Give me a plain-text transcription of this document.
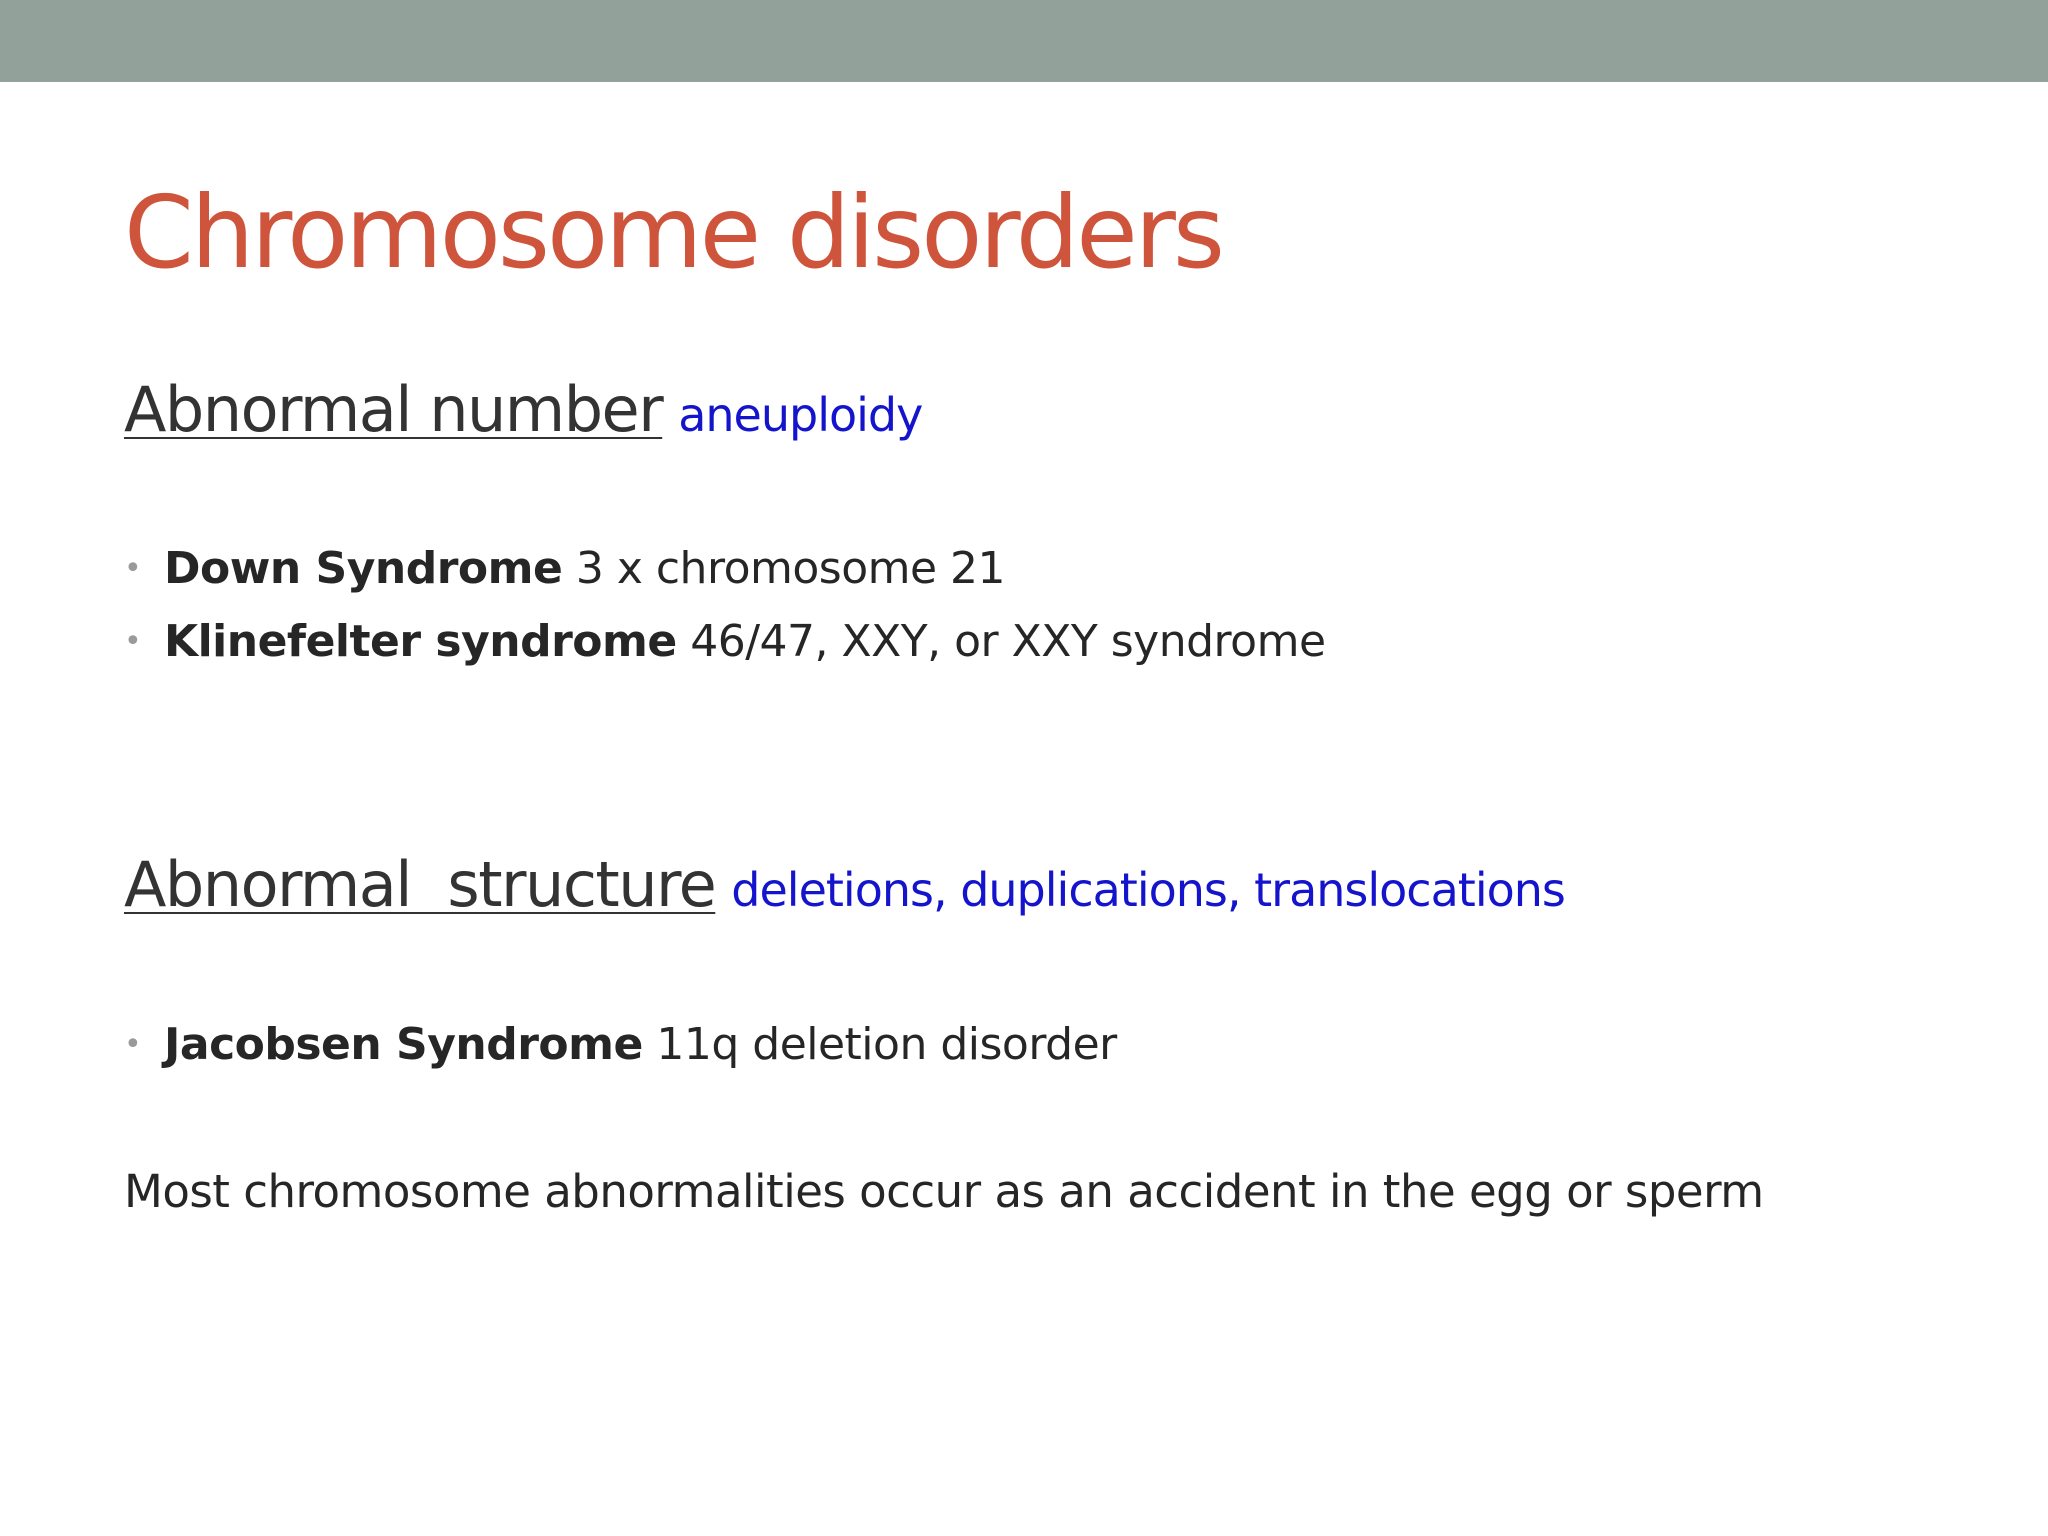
Chromosome disorders
Abnormal number aneuploidy
• Down Syndrome 3 x chromosome 21
• Klinefelter syndrome 46/47, XXY, or XXY syndrome
Abnormal  structure deletions, duplications, translocations
• Jacobsen Syndrome 11q deletion disorder

Most chromosome abnormalities occur as an accident in the egg or sperm
